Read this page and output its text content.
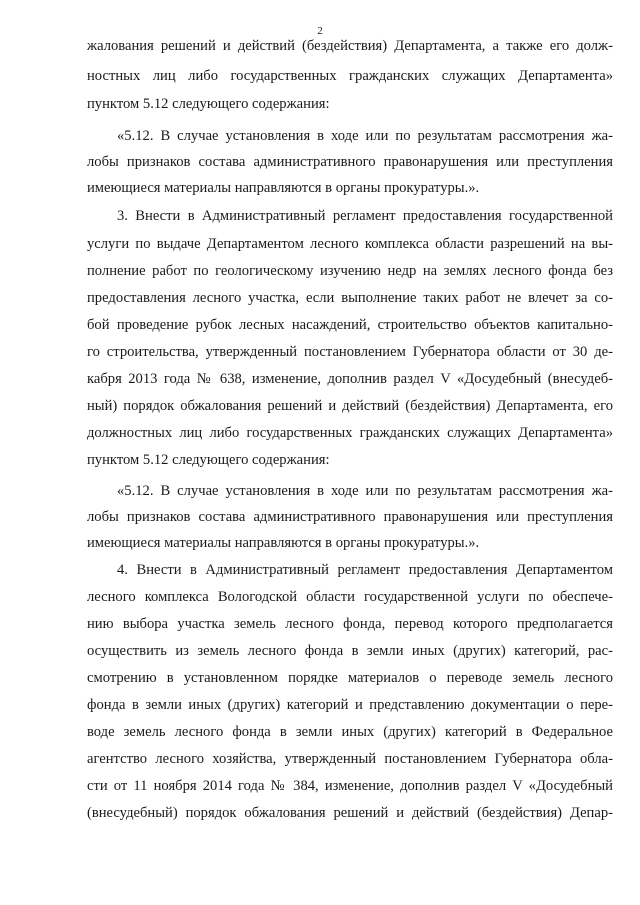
2
жалования решений и действий (бездействия) Департамента, а также его долж-
ностных лиц либо государственных гражданских служащих Департамента»
пунктом 5.12 следующего содержания:
«5.12. В случае установления в ходе или по результатам рассмотрения жа-
лобы признаков состава административного правонарушения или преступления
имеющиеся материалы направляются в органы прокуратуры.».
3. Внести в Административный регламент предоставления государственной
услуги по выдаче Департаментом лесного комплекса области разрешений на вы-
полнение работ по геологическому изучению недр на землях лесного фонда без
предоставления лесного участка, если выполнение таких работ не влечет за со-
бой проведение рубок лесных насаждений, строительство объектов капитально-
го строительства, утвержденный постановлением Губернатора области от 30 де-
кабря 2013 года № 638, изменение, дополнив раздел V «Досудебный (внесудеб-
ный) порядок обжалования решений и действий (бездействия) Департамента, его
должностных лиц либо государственных гражданских служащих Департамента»
пунктом 5.12 следующего содержания:
«5.12. В случае установления в ходе или по результатам рассмотрения жа-
лобы признаков состава административного правонарушения или преступления
имеющиеся материалы направляются в органы прокуратуры.».
4. Внести в Административный регламент предоставления Департаментом
лесного комплекса Вологодской области государственной услуги по обеспече-
нию выбора участка земель лесного фонда, перевод которого предполагается
осуществить из земель лесного фонда в земли иных (других) категорий, рас-
смотрению в установленном порядке материалов о переводе земель лесного
фонда в земли иных (других) категорий и представлению документации о пере-
воде земель лесного фонда в земли иных (других) категорий в Федеральное
агентство лесного хозяйства, утвержденный постановлением Губернатора обла-
сти от 11 ноября 2014 года № 384, изменение, дополнив раздел V «Досудебный
(внесудебный) порядок обжалования решений и действий (бездействия) Депар-
